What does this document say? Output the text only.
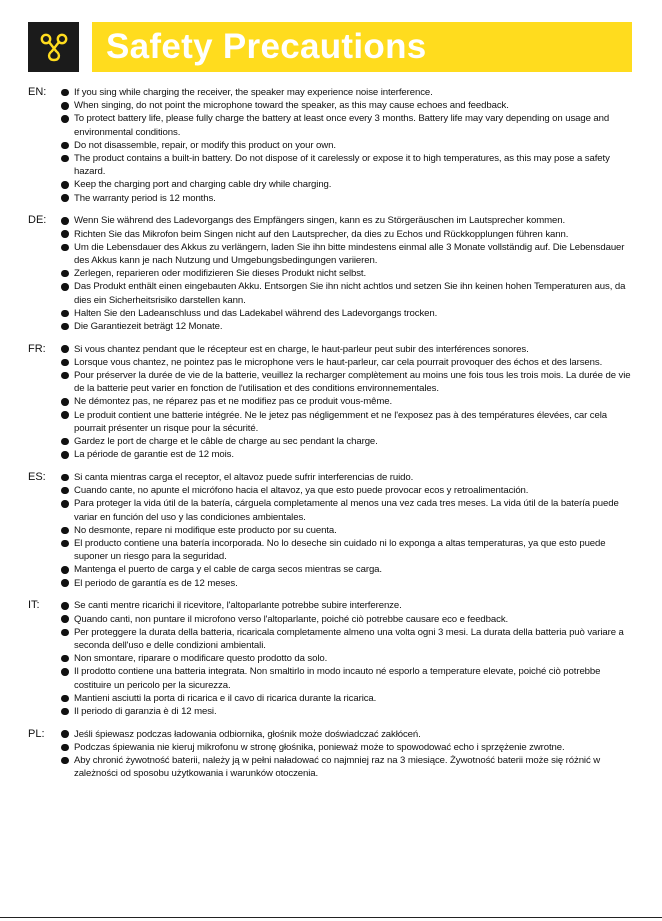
Safety Precautions
EN:	If you sing while charging the receiver, the speaker may experience noise interference.
When singing, do not point the microphone toward the speaker, as this may cause echoes and feedback.
To protect battery life, please fully charge the battery at least once every 3 months. Battery life may vary depending on usage and environmental conditions.
Do not disassemble, repair, or modify this product on your own.
The product contains a built-in battery. Do not dispose of it carelessly or expose it to high temperatures, as this may pose a safety hazard.
Keep the charging port and charging cable dry while charging.
The warranty period is 12 months.
DE:	Wenn Sie während des Ladevorgangs des Empfängers singen, kann es zu Störgeräuschen im Lautsprecher kommen.
Richten Sie das Mikrofon beim Singen nicht auf den Lautsprecher, da dies zu Echos und Rückkopplungen führen kann.
Um die Lebensdauer des Akkus zu verlängern, laden Sie ihn bitte mindestens einmal alle 3 Monate vollständig auf. Die Lebensdauer des Akkus kann je nach Nutzung und Umgebungsbedingungen variieren.
Zerlegen, reparieren oder modifizieren Sie dieses Produkt nicht selbst.
Das Produkt enthält einen eingebauten Akku. Entsorgen Sie ihn nicht achtlos und setzen Sie ihn keinen hohen Temperaturen aus, da dies ein Sicherheitsrisiko darstellen kann.
Halten Sie den Ladeanschluss und das Ladekabel während des Ladevorgangs trocken.
Die Garantiezeit beträgt 12 Monate.
FR:	Si vous chantez pendant que le récepteur est en charge, le haut-parleur peut subir des interférences sonores.
Lorsque vous chantez, ne pointez pas le microphone vers le haut-parleur, car cela pourrait provoquer des échos et des larsens.
Pour préserver la durée de vie de la batterie, veuillez la recharger complètement au moins une fois tous les trois mois. La durée de vie de la batterie peut varier en fonction de l'utilisation et des conditions environnementales.
Ne démontez pas, ne réparez pas et ne modifiez pas ce produit vous-même.
Le produit contient une batterie intégrée. Ne le jetez pas négligemment et ne l'exposez pas à des températures élevées, car cela pourrait présenter un risque pour la sécurité.
Gardez le port de charge et le câble de charge au sec pendant la charge.
La période de garantie est de 12 mois.
ES:	Si canta mientras carga el receptor, el altavoz puede sufrir interferencias de ruido.
Cuando cante, no apunte el micrófono hacia el altavoz, ya que esto puede provocar ecos y retroalimentación.
Para proteger la vida útil de la batería, cárguela completamente al menos una vez cada tres meses. La vida útil de la batería puede variar en función del uso y las condiciones ambientales.
No desmonte, repare ni modifique este producto por su cuenta.
El producto contiene una batería incorporada. No lo deseche sin cuidado ni lo exponga a altas temperaturas, ya que esto puede suponer un riesgo para la seguridad.
Mantenga el puerto de carga y el cable de carga secos mientras se carga.
El periodo de garantía es de 12 meses.
IT:	Se canti mentre ricarichi il ricevitore, l'altoparlante potrebbe subire interferenze.
Quando canti, non puntare il microfono verso l'altoparlante, poiché ciò potrebbe causare eco e feedback.
Per proteggere la durata della batteria, ricaricala completamente almeno una volta ogni 3 mesi. La durata della batteria può variare a seconda dell'uso e delle condizioni ambientali.
Non smontare, riparare o modificare questo prodotto da solo.
Il prodotto contiene una batteria integrata. Non smaltirlo in modo incauto né esporlo a temperature elevate, poiché ciò potrebbe costituire un pericolo per la sicurezza.
Mantieni asciutti la porta di ricarica e il cavo di ricarica durante la ricarica.
Il periodo di garanzia è di 12 mesi.
PL:	Jeśli śpiewasz podczas ładowania odbiornika, głośnik może doświadczać zakłóceń.
Podczas śpiewania nie kieruj mikrofonu w stronę głośnika, ponieważ może to spowodować echo i sprzężenie zwrotne.
Aby chronić żywotność baterii, należy ją w pełni naładować co najmniej raz na 3 miesiące. Żywotność baterii może się różnić w zależności od sposobu użytkowania i warunków otoczenia.
